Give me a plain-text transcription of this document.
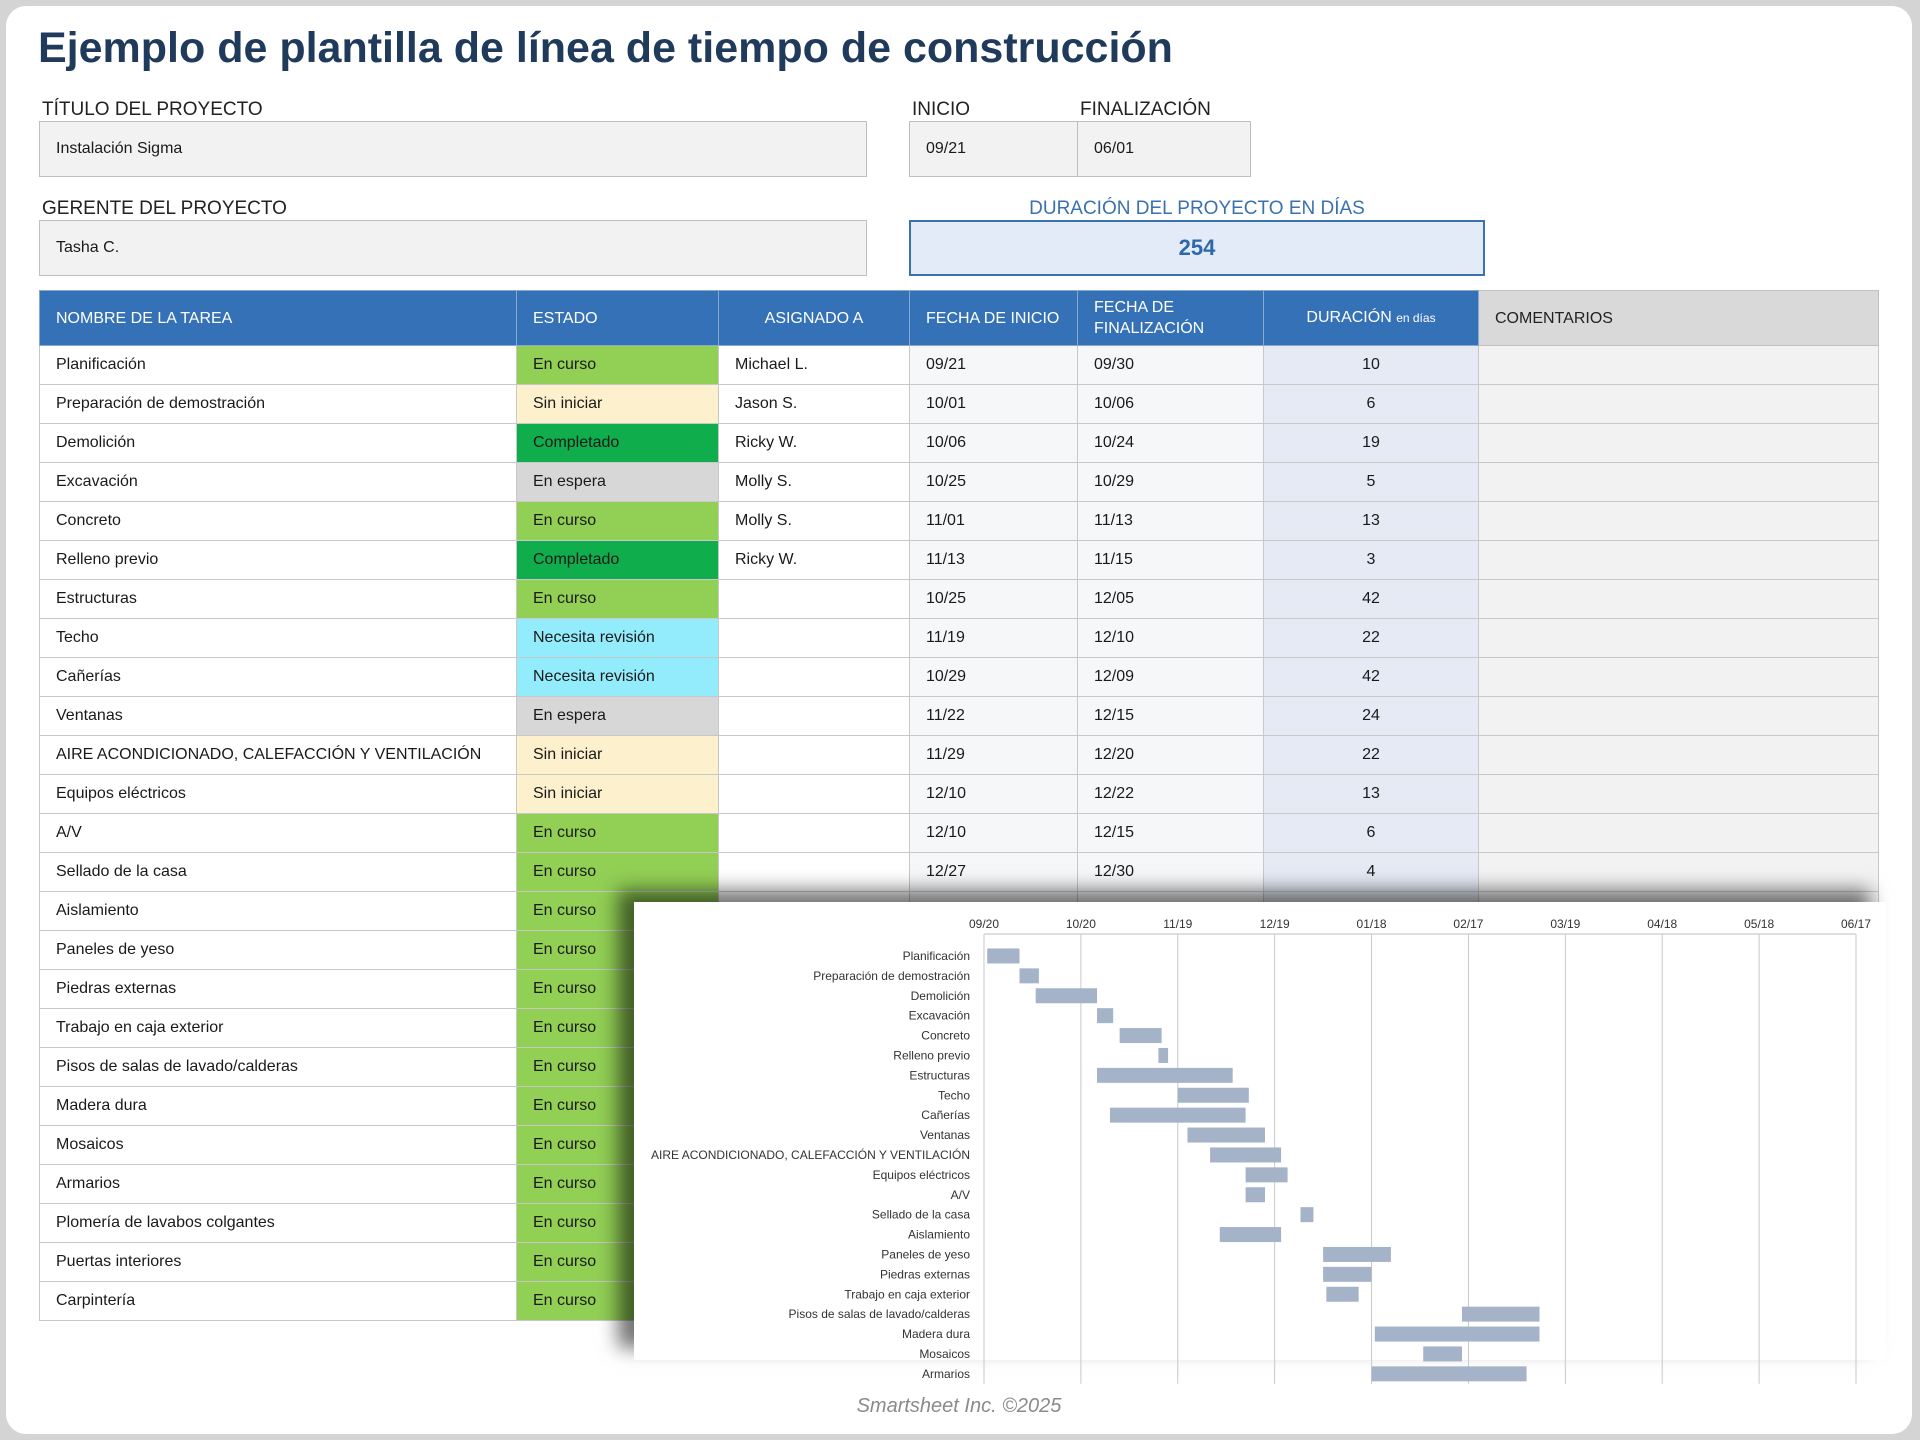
Ejemplo de plantilla de línea de tiempo de construcción
TÍTULO DEL PROYECTO
Instalación Sigma
GERENTE DEL PROYECTO
Tasha C.
INICIO
09/21
FINALIZACIÓN
06/01
DURACIÓN DEL PROYECTO EN DÍAS
254
NOMBRE DE LA TAREA	ESTADO	ASIGNADO A	FECHA DE INICIO	FECHA DE
FINALIZACIÓN	DURACIÓN en días	COMENTARIOS
Planificación	En curso	Michael L.	09/21	09/30	10	
Preparación de demostración	Sin iniciar	Jason S.	10/01	10/06	6	
Demolición	Completado	Ricky W.	10/06	10/24	19	
Excavación	En espera	Molly S.	10/25	10/29	5	
Concreto	En curso	Molly S.	11/01	11/13	13	
Relleno previo	Completado	Ricky W.	11/13	11/15	3	
Estructuras	En curso		10/25	12/05	42	
Techo	Necesita revisión		11/19	12/10	22	
Cañerías	Necesita revisión		10/29	12/09	42	
Ventanas	En espera		11/22	12/15	24	
AIRE ACONDICIONADO, CALEFACCIÓN Y VENTILACIÓN	Sin iniciar		11/29	12/20	22	
Equipos eléctricos	Sin iniciar		12/10	12/22	13	
A/V	En curso		12/10	12/15	6	
Sellado de la casa	En curso		12/27	12/30	4	
Aislamiento	En curso					
Paneles de yeso	En curso					
Piedras externas	En curso					
Trabajo en caja exterior	En curso					
Pisos de salas de lavado/calderas	En curso					
Madera dura	En curso					
Mosaicos	En curso					
Armarios	En curso					
Plomería de lavabos colgantes	En curso					
Puertas interiores	En curso					
Carpintería	En curso					
09/20	10/20	11/19	12/19	01/18	02/17	03/19	04/18	05/18	06/17
Planificación
Preparación de demostración
Demolición
Excavación
Concreto
Relleno previo
Estructuras
Techo
Cañerías
Ventanas
AIRE ACONDICIONADO, CALEFACCIÓN Y VENTILACIÓN
Equipos eléctricos
A/V
Sellado de la casa
Aislamiento
Paneles de yeso
Piedras externas
Trabajo en caja exterior
Pisos de salas de lavado/calderas
Madera dura
Mosaicos
Armarios
Smartsheet Inc. ©2025
